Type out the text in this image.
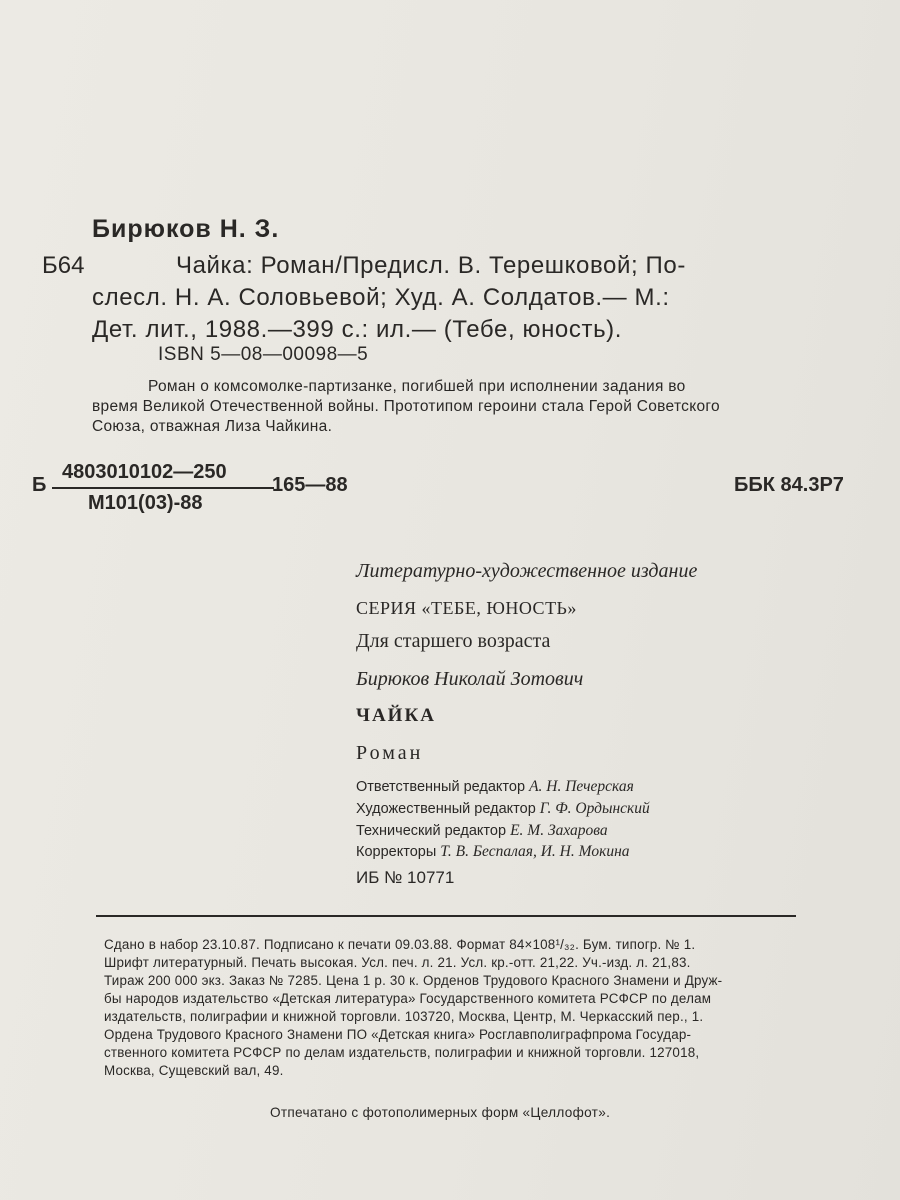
Бирюков Н. З.
Б64	Чайка: Роман/Предисл. В. Терешковой; По-
слесл. Н. А. Соловьевой; Худ. А. Солдатов.— М.:
Дет. лит., 1988.—399 с.: ил.— (Тебе, юность).
ISBN 5—08—00098—5
Роман о комсомолке-партизанке, погибшей при исполнении задания во
время Великой Отечественной войны. Прототипом героини стала Герой Советского
Союза, отважная Лиза Чайкина.
Б
4803010102—250
М101(03)-88
165—88	ББК 84.3Р7
Литературно-художественное издание
СЕРИЯ «ТЕБЕ, ЮНОСТЬ»
Для старшего возраста
Бирюков Николай Зотович
ЧАЙКА
Роман
Ответственный редактор А. Н. Печерская
Художественный редактор Г. Ф. Ордынский
Технический редактор Е. М. Захарова
Корректоры Т. В. Беспалая, И. Н. Мокина
ИБ № 10771
Сдано в набор 23.10.87. Подписано к печати 09.03.88. Формат 84×108¹/₃₂. Бум. типогр. № 1.
Шрифт литературный. Печать высокая. Усл. печ. л. 21. Усл. кр.-отт. 21,22. Уч.-изд. л. 21,83.
Тираж 200 000 экз. Заказ № 7285. Цена 1 р. 30 к. Орденов Трудового Красного Знамени и Друж-
бы народов издательство «Детская литература» Государственного комитета РСФСР по делам
издательств, полиграфии и книжной торговли. 103720, Москва, Центр, М. Черкасский пер., 1.
Ордена Трудового Красного Знамени ПО «Детская книга» Росглавполиграфпрома Государ-
ственного комитета РСФСР по делам издательств, полиграфии и книжной торговли. 127018,
Москва, Сущевский вал, 49.
Отпечатано с фотополимерных форм «Целлофот».
